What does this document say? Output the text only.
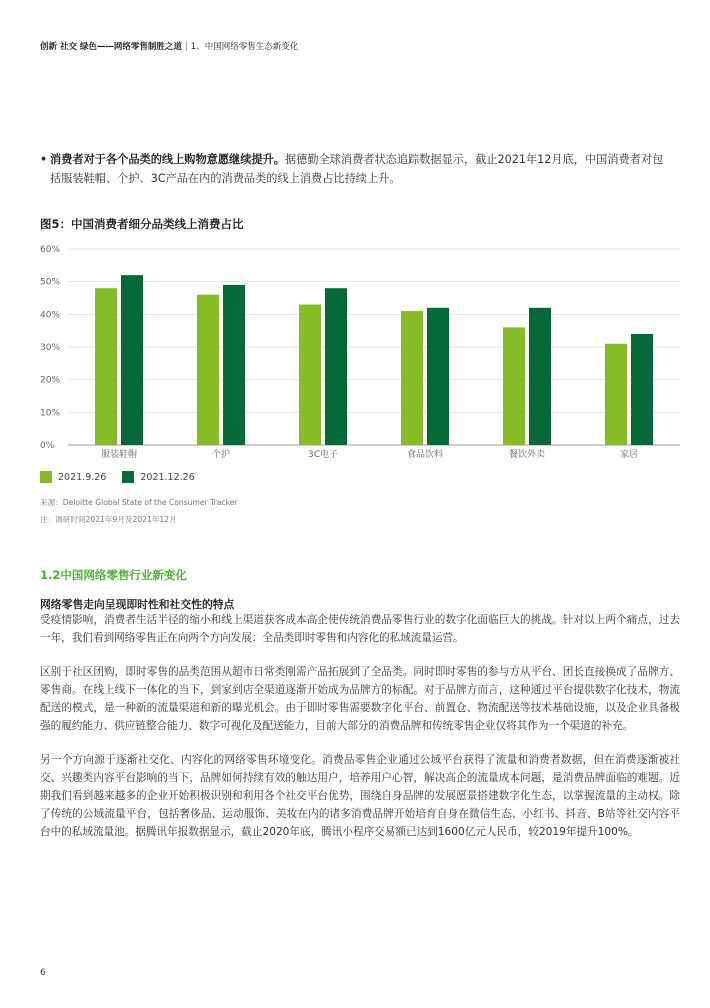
创新 社交 绿色——网络零售制胜之道 | 1、中国网络零售生态新变化
• 消费者对于各个品类的线上购物意愿继续提升。据德勤全球消费者状态追踪数据显示，截止2021年12月底，中国消费者对包
括服装鞋帽、个护、3C产品在内的消费品类的线上消费占比持续上升。
图5：中国消费者细分品类线上消费占比
0%
10%
20%
30%
40%
50%
60%
服装鞋帽	个护	3C电子	食品饮料	餐饮外卖	家居
2021.9.26	2021.12.26
来源：Deloitte Global State of the Consumer Tracker
注：调研时间2021年9月及2021年12月
1.2中国网络零售行业新变化
网络零售走向呈现即时性和社交性的特点

受疫情影响，消费者生活半径的缩小和线上渠道获客成本高企使传统消费品零售行业的数字化面临巨大的挑战。针对以上两个痛点，过去一年，我们看到网络零售正在向两个方向发展：全品类即时零售和内容化的私域流量运营。

区别于社区团购，即时零售的品类范围从超市日常类刚需产品拓展到了全品类。同时即时零售的参与方从平台、团长直接换成了品牌方、零售商。在线上线下一体化的当下，到家到店全渠道逐渐开始成为品牌方的标配。对于品牌方而言，这种通过平台提供数字化技术，物流配送的模式，是一种新的流量渠道和新的曝光机会。由于即时零售需要数字化平台、前置仓、物流配送等技术基础设施，以及企业具备极强的履约能力、供应链整合能力、数字可视化及配送能力，目前大部分的消费品牌和传统零售企业仅将其作为一个渠道的补充。

另一个方向源于逐渐社交化、内容化的网络零售环境变化。消费品零售企业通过公域平台获得了流量和消费者数据，但在消费逐渐被社交、兴趣类内容平台影响的当下，品牌如何持续有效的触达用户，培养用户心智，解决高企的流量成本问题，是消费品牌面临的难题。近期我们看到越来越多的企业开始积极识别和利用各个社交平台优势，围绕自身品牌的发展愿景搭建数字化生态，以掌握流量的主动权。除了传统的公域流量平台，包括奢侈品、运动服饰、美妆在内的诸多消费品牌开始培育自身在微信生态、小红书、抖音、B站等社交内容平台中的私域流量池。据腾讯年报数据显示，截止2020年底，腾讯小程序交易额已达到1600亿元人民币，较2019年提升100%。

6
